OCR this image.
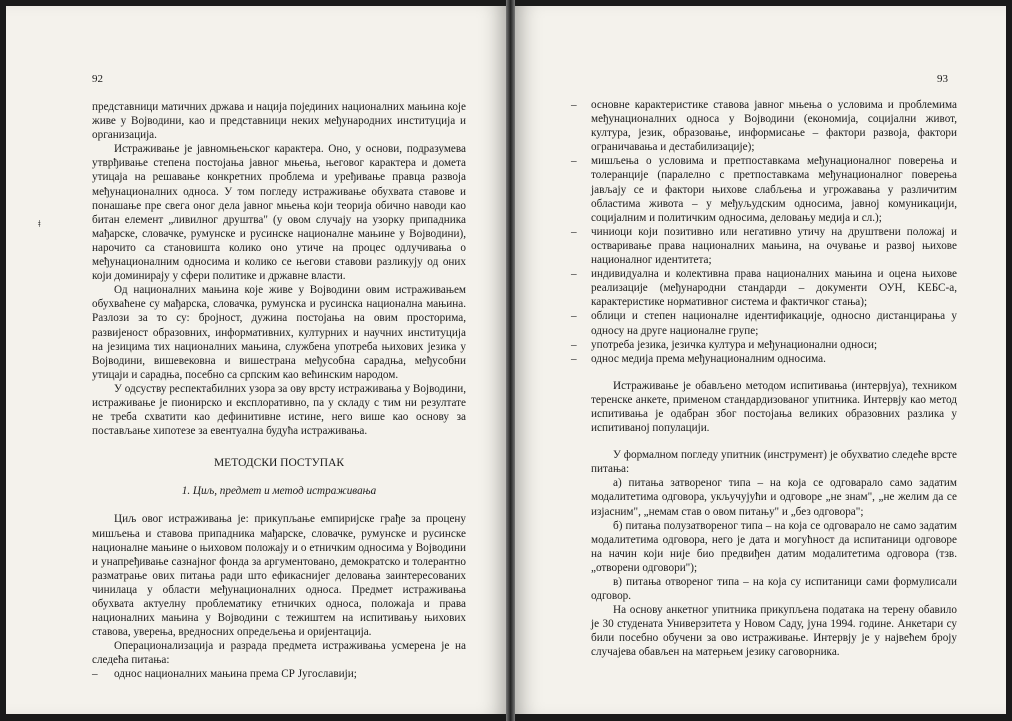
92
ǂ

представници матичних држава и нација појединих националних мањина које живе у Војводини, као и представници неких међународних институција и организација.

Истраживање је јавномњењског карактера. Оно, у основи, подразумева утврђивање степена постојања јавног мњења, његовог карактера и домета утицаја на решавање конкретних проблема и уређивање правца развоја међунационалних односа. У том погледу истраживање обухвата ставове и понашање пре свега оног дела јавног мњења који теорија обично наводи као битан елемент „ливилног друштва" (у овом случају на узорку припадника мађарске, словачке, румунске и русинске националне мањине у Војводини), нарочито са становишта колико оно утиче на процес одлучивања о међунационалним односима и колико се његови ставови разликују од оних који доминирају у сфери политике и државне власти.

Од националних мањина које живе у Војводини овим истраживањем обухваћене су мађарска, словачка, румунска и русинска национална мањина. Разлози за то су: бројност, дужина постојања на овим просторима, развијеност образовних, информативних, културних и научних институција на језицима тих националних мањина, службена употреба њихових језика у Војводини, вишевековна и вишестрана међусобна сарадња, међусобни утицаји и сарадња, посебно са српским као већинским народом.

У одсуству респектабилних узора за ову врсту истраживања у Војводини, истраживање је пионирско и експлоративно, па у складу с тим ни резултате не треба схватити као дефинитивне истине, него више као основу за постављање хипотезе за евентуална будућа истраживања.

МЕТОДСКИ ПОСТУПАК
1. Циљ, предмет и метод истраживања

Циљ овог истраживања је: прикупљање емпиријске грађе за процену мишљења и ставова припадника мађарске, словачке, румунске и русинске националне мањине о њиховом положају и о етничким односима у Војводини и унапређивање сазнајног фонда за аргументовано, демократско и толерантно разматрање ових питања ради што ефикаснијег деловања заинтересованих чинилаца у области међунационалних односа. Предмет истраживања обухвата актуелну проблематику етничких односа, положаја и права националних мањина у Војводини с тежиштем на испитивању њихових ставова, уверења, вредносних опредељења и оријентација.

Операционализација и разрада предмета истраживања усмерена је на следећа питања:

– однос националних мањина према СР Југославији;
93
– основне карактеристике ставова јавног мњења о условима и проблемима међунационалних односа у Војводини (економија, социјални живот, култура, језик, образовање, информисање – фактори развоја, фактори ограничавања и дестабилизације);
– мишљења о условима и претпоставкама међунационалног поверења и толеранције (паралелно с претпоставкама међунационалног поверења јављају се и фактори њихове слабљења и угрожавања у различитим областима живота – у међуљудским односима, јавној комуникацији, социјалним и политичким односима, деловању медија и сл.);
– чиниоци који позитивно или негативно утичу на друштвени положај и остваривање права националних мањина, на очување и развој њихове националног идентитета;
– индивидуална и колективна права националних мањина и оцена њихове реализације (међународни стандарди – документи ОУН, КЕБС-а, карактеристике нормативног система и фактичког стања);
– облици и степен националне идентификације, односно дистанцирања у односу на друге националне групе;
– употреба језика, језичка култура и међунационални односи;
– однос медија према међунационалним односима.

Истраживање је обављено методом испитивања (интервјуа), техником теренске анкете, применом стандардизованог упитника. Интервју као метод испитивања је одабран због постојања великих образовних разлика у испитиваној популацији.

У формалном погледу упитник (инструмент) је обухватио следеће врсте питања:

а) питања затвореног типа – на која се одговарало само задатим модалитетима одговора, укључујући и одговоре „не знам", „не желим да се изјасним", „немам став о овом питању" и „без одговора";

б) питања полузатвореног типа – на која се одговарало не само задатим модалитетима одговора, него је дата и могућност да испитаници одговоре на начин који није био предвиђен датим модалитетима одговора (тзв. „отворени одговори");

в) питања отвореног типа – на која су испитаници сами формулисали одговор.

На основу анкетног упитника прикупљена података на терену обавило је 30 студената Универзитета у Новом Саду, јуна 1994. године. Анкетари су били посебно обучени за ово истраживање. Интервју је у највећем броју случајева обављен на матерњем језику саговорника.
